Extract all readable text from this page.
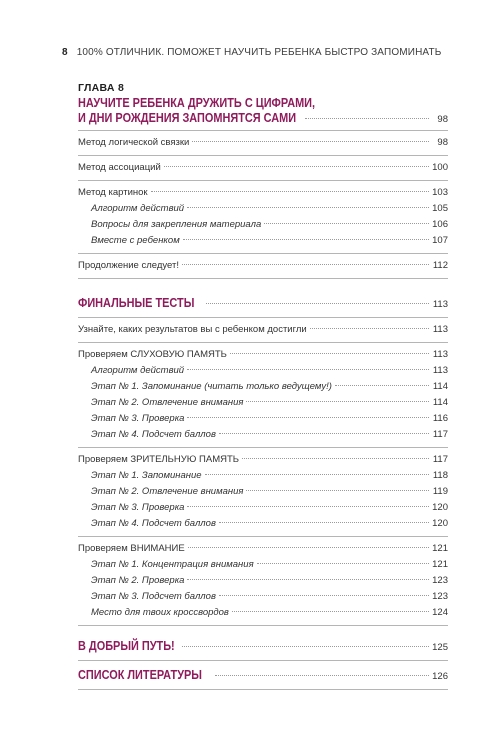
8 100% ОТЛИЧНИК. ПОМОЖЕТ НАУЧИТЬ РЕБЕНКА БЫСТРО ЗАПОМИНАТЬ
ГЛАВА 8
НАУЧИТЕ РЕБЕНКА ДРУЖИТЬ С ЦИФРАМИ,
И ДНИ РОЖДЕНИЯ ЗАПОМНЯТСЯ САМИ	98
Метод логической связки	98
Метод ассоциаций	100
Метод картинок	103
Алгоритм действий	105
Вопросы для закрепления материала	106
Вместе с ребенком	107
Продолжение следует!	112
ФИНАЛЬНЫЕ ТЕСТЫ	113
Узнайте, каких результатов вы с ребенком достигли	113
Проверяем СЛУХОВУЮ ПАМЯТЬ	113
Алгоритм действий	113
Этап № 1. Запоминание (читать только ведущему!)	114
Этап № 2. Отвлечение внимания	114
Этап № 3. Проверка	116
Этап № 4. Подсчет баллов	117
Проверяем ЗРИТЕЛЬНУЮ ПАМЯТЬ	117
Этап № 1. Запоминание	118
Этап № 2. Отвлечение внимания	119
Этап № 3. Проверка	120
Этап № 4. Подсчет баллов	120
Проверяем ВНИМАНИЕ	121
Этап № 1. Концентрация внимания	121
Этап № 2. Проверка	123
Этап № 3. Подсчет баллов	123
Место для твоих кроссвордов	124
В ДОБРЫЙ ПУТЬ!	125
СПИСОК ЛИТЕРАТУРЫ	126
